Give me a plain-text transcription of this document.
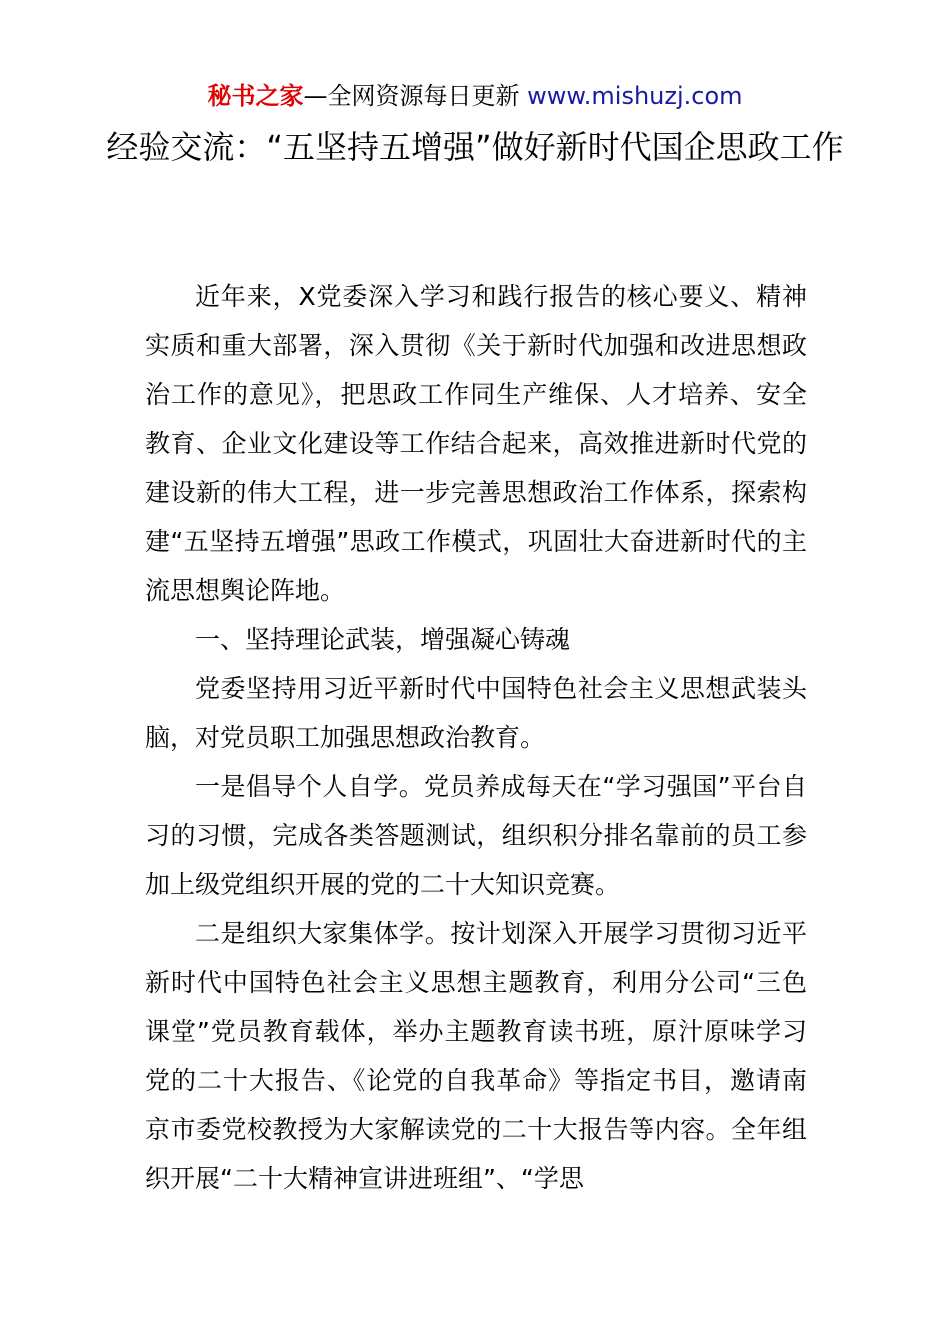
秘书之家—全网资源每日更新 www.mishuzj.com
经验交流：“五坚持五增强”做好新时代国企思政工作

近年来，X党委深入学习和践行报告的核心要义、精神实质和重大部署，深入贯彻《关于新时代加强和改进思想政治工作的意见》，把思政工作同生产维保、人才培养、安全教育、企业文化建设等工作结合起来，高效推进新时代党的建设新的伟大工程，进一步完善思想政治工作体系，探索构建“五坚持五增强”思政工作模式，巩固壮大奋进新时代的主流思想舆论阵地。

一、坚持理论武装，增强凝心铸魂

党委坚持用习近平新时代中国特色社会主义思想武装头脑，对党员职工加强思想政治教育。

一是倡导个人自学。党员养成每天在“学习强国”平台自习的习惯，完成各类答题测试，组织积分排名靠前的员工参加上级党组织开展的党的二十大知识竞赛。

二是组织大家集体学。按计划深入开展学习贯彻习近平新时代中国特色社会主义思想主题教育，利用分公司“三色课堂”党员教育载体，举办主题教育读书班，原汁原味学习党的二十大报告、《论党的自我革命》等指定书目，邀请南京市委党校教授为大家解读党的二十大报告等内容。全年组织开展“二十大精神宣讲进班组”、“学思
